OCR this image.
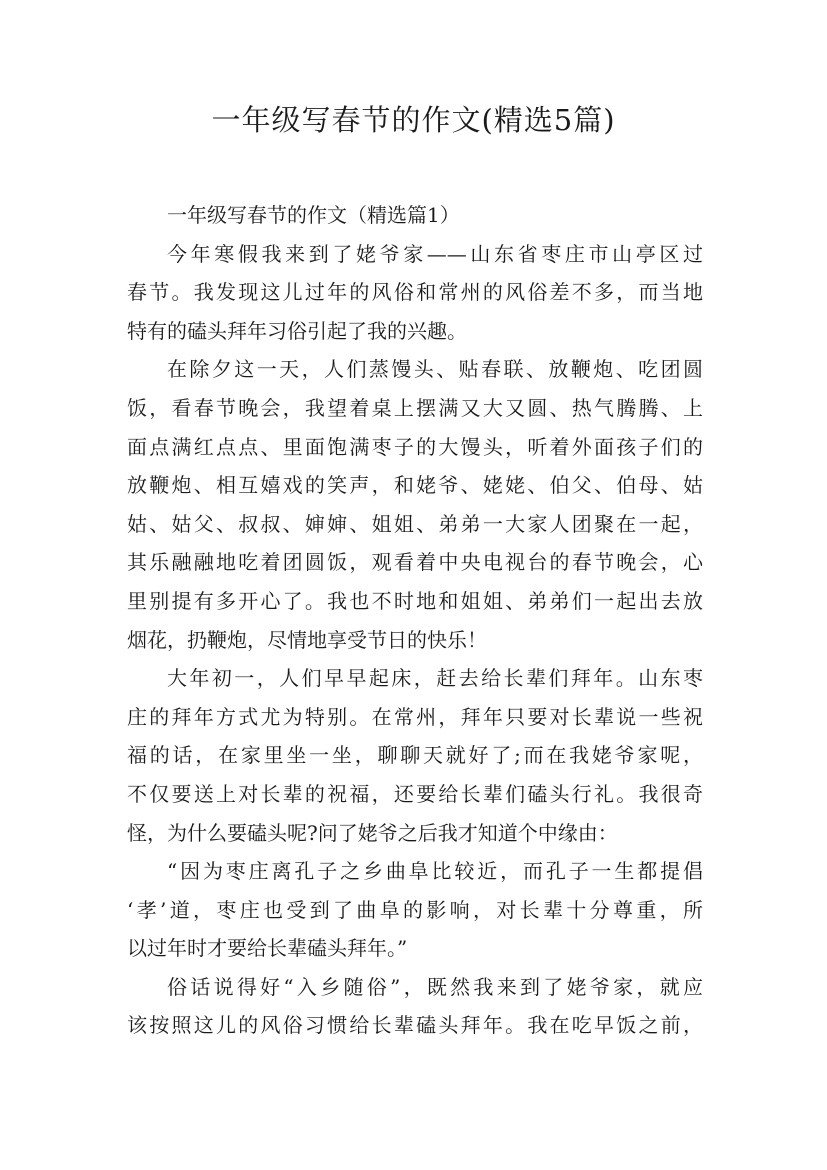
一年级写春节的作文(精选5篇)
一年级写春节的作文（精选篇1）
今年寒假我来到了姥爷家——山东省枣庄市山亭区过
春节。我发现这儿过年的风俗和常州的风俗差不多，而当地
特有的磕头拜年习俗引起了我的兴趣。
在除夕这一天，人们蒸馒头、贴春联、放鞭炮、吃团圆
饭，看春节晚会，我望着桌上摆满又大又圆、热气腾腾、上
面点满红点点、里面饱满枣子的大馒头，听着外面孩子们的
放鞭炮、相互嬉戏的笑声，和姥爷、姥姥、伯父、伯母、姑
姑、姑父、叔叔、婶婶、姐姐、弟弟一大家人团聚在一起，
其乐融融地吃着团圆饭，观看着中央电视台的春节晚会，心
里别提有多开心了。我也不时地和姐姐、弟弟们一起出去放
烟花，扔鞭炮，尽情地享受节日的快乐！
大年初一，人们早早起床，赶去给长辈们拜年。山东枣
庄的拜年方式尤为特别。在常州，拜年只要对长辈说一些祝
福的话，在家里坐一坐，聊聊天就好了;而在我姥爷家呢，
不仅要送上对长辈的祝福，还要给长辈们磕头行礼。我很奇
怪，为什么要磕头呢?问了姥爷之后我才知道个中缘由：
“因为枣庄离孔子之乡曲阜比较近，而孔子一生都提倡
‘孝’道，枣庄也受到了曲阜的影响，对长辈十分尊重，所
以过年时才要给长辈磕头拜年。”
俗话说得好“入乡随俗”，既然我来到了姥爷家，就应
该按照这儿的风俗习惯给长辈磕头拜年。我在吃早饭之前，
